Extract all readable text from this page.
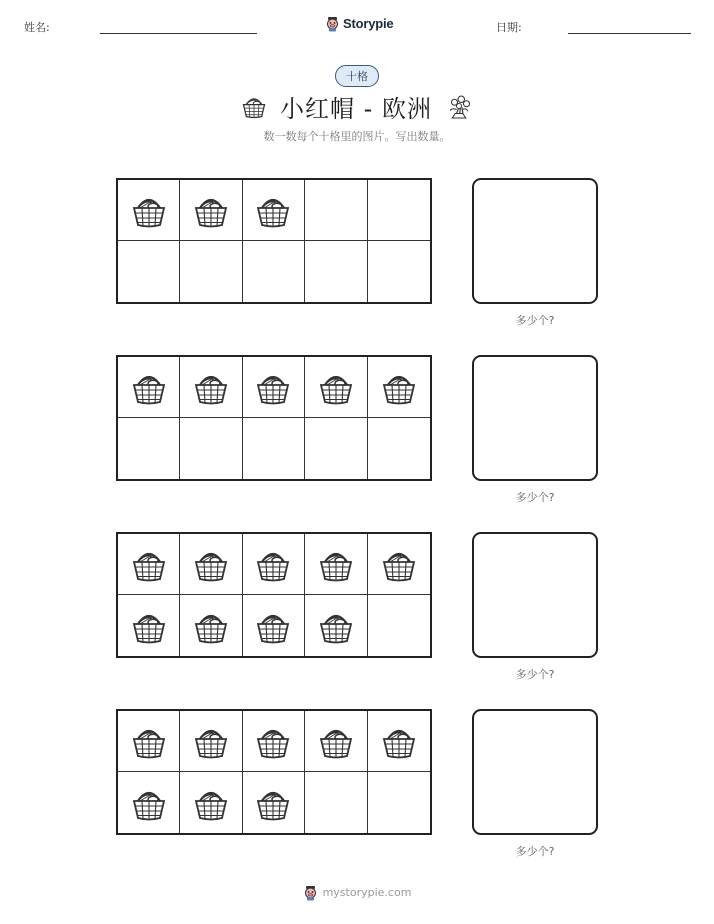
姓名:	Storypie	日期:
十格
小红帽 - 欧洲
数一数每个十格里的图片。写出数量。
多少个?
多少个?
多少个?
多少个?
mystorypie.com
